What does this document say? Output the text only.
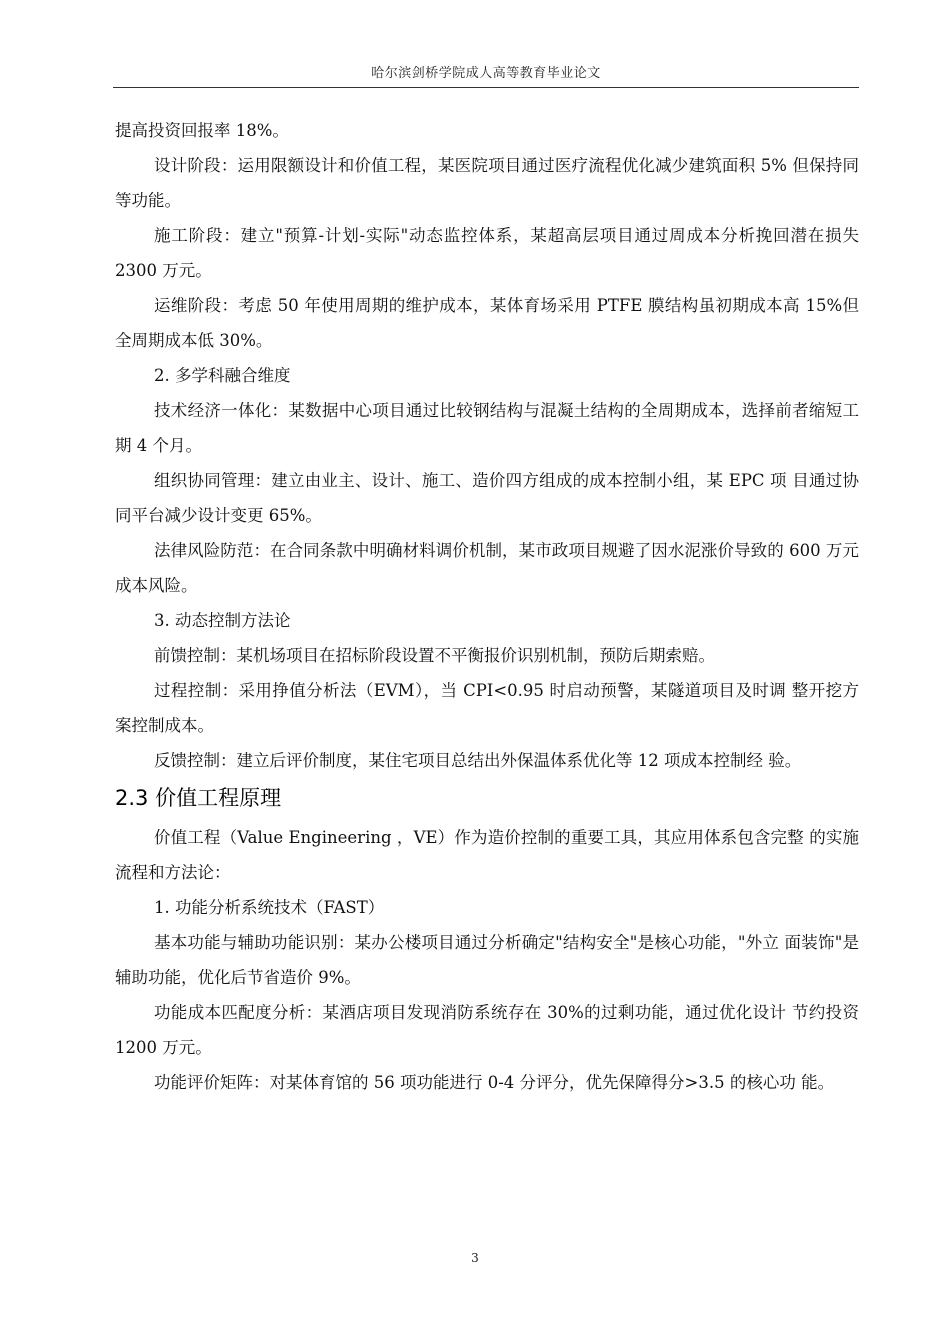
哈尔滨剑桥学院成人高等教育毕业论文

提高投资回报率 18%。

设计阶段：运用限额设计和价值工程，某医院项目通过医疗流程优化减少建筑面积 5% 但保持同等功能。

施工阶段：建立"预算-计划-实际"动态监控体系，某超高层项目通过周成本分析挽回潜在损失 2300 万元。

运维阶段：考虑 50 年使用周期的维护成本，某体育场采用 PTFE 膜结构虽初期成本高 15%但全周期成本低 30%。

2. 多学科融合维度

技术经济一体化：某数据中心项目通过比较钢结构与混凝土结构的全周期成本，选择前者缩短工期 4 个月。

组织协同管理：建立由业主、设计、施工、造价四方组成的成本控制小组，某 EPC 项 目通过协同平台减少设计变更 65%。

法律风险防范：在合同条款中明确材料调价机制，某市政项目规避了因水泥涨价导致的 600 万元成本风险。

3. 动态控制方法论

前馈控制：某机场项目在招标阶段设置不平衡报价识别机制，预防后期索赔。

过程控制：采用挣值分析法（EVM），当 CPI<0.95 时启动预警，某隧道项目及时调 整开挖方案控制成本。

反馈控制：建立后评价制度，某住宅项目总结出外保温体系优化等 12 项成本控制经 验。

2.3 价值工程原理

价值工程（Value Engineering ，VE）作为造价控制的重要工具，其应用体系包含完整 的实施流程和方法论：

1. 功能分析系统技术（FAST）

基本功能与辅助功能识别：某办公楼项目通过分析确定"结构安全"是核心功能，"外立 面装饰"是辅助功能，优化后节省造价 9%。

功能成本匹配度分析：某酒店项目发现消防系统存在 30%的过剩功能，通过优化设计 节约投资 1200 万元。

功能评价矩阵：对某体育馆的 56 项功能进行 0-4 分评分，优先保障得分>3.5 的核心功 能。

3
